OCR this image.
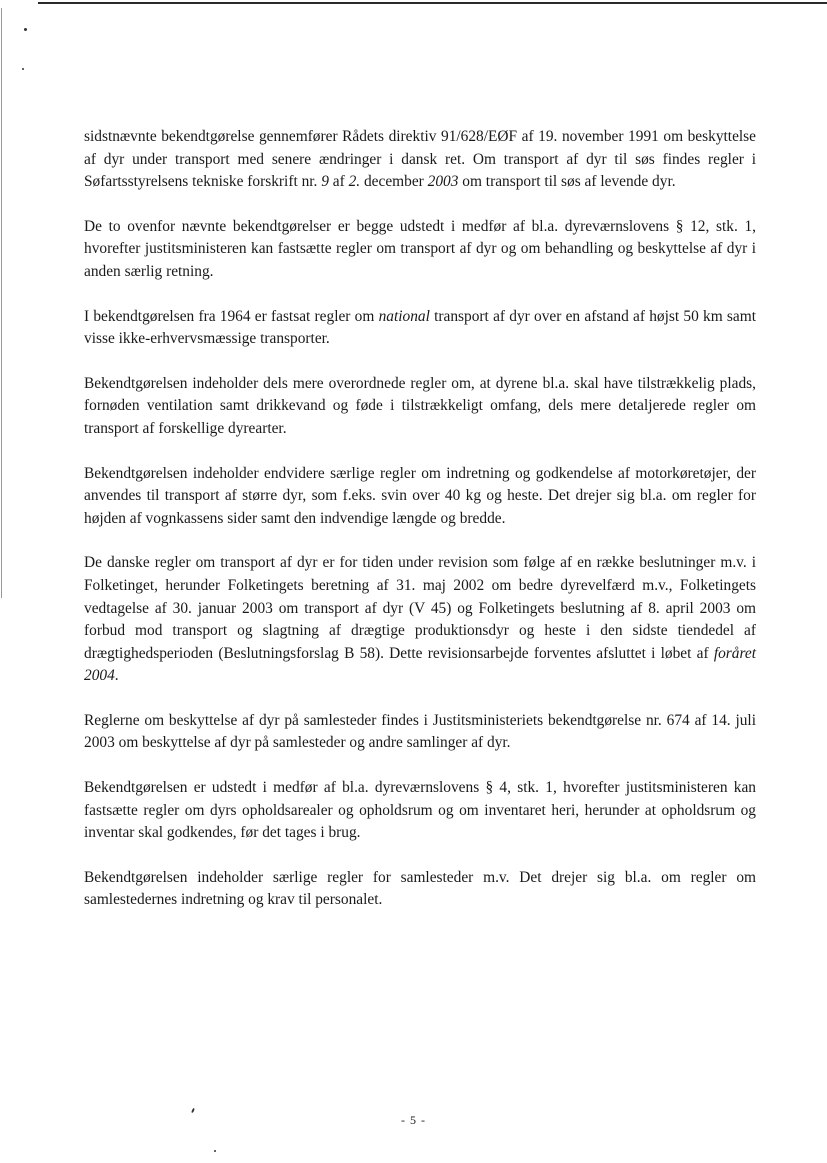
sidstnævnte bekendtgørelse gennemfører Rådets direktiv 91/628/EØF af 19. november 1991 om beskyttelse af dyr under transport med senere ændringer i dansk ret. Om transport af dyr til søs findes regler i Søfartsstyrelsens tekniske forskrift nr. 9 af 2. december 2003 om transport til søs af levende dyr.

De to ovenfor nævnte bekendtgørelser er begge udstedt i medfør af bl.a. dyreværnslovens § 12, stk. 1, hvorefter justitsministeren kan fastsætte regler om transport af dyr og om behandling og beskyttelse af dyr i anden særlig retning.

I bekendtgørelsen fra 1964 er fastsat regler om national transport af dyr over en afstand af højst 50 km samt visse ikke-erhvervsmæssige transporter.

Bekendtgørelsen indeholder dels mere overordnede regler om, at dyrene bl.a. skal have tilstrækkelig plads, fornøden ventilation samt drikkevand og føde i tilstrækkeligt omfang, dels mere detaljerede regler om transport af forskellige dyrearter.

Bekendtgørelsen indeholder endvidere særlige regler om indretning og godkendelse af motorkøretøjer, der anvendes til transport af større dyr, som f.eks. svin over 40 kg og heste. Det drejer sig bl.a. om regler for højden af vognkassens sider samt den indvendige længde og bredde.

De danske regler om transport af dyr er for tiden under revision som følge af en række beslutninger m.v. i Folketinget, herunder Folketingets beretning af 31. maj 2002 om bedre dyrevelfærd m.v., Folketingets vedtagelse af 30. januar 2003 om transport af dyr (V 45) og Folketingets beslutning af 8. april 2003 om forbud mod transport og slagtning af drægtige produktionsdyr og heste i den sidste tiendedel af drægtighedsperioden (Beslutningsforslag B 58). Dette revisionsarbejde forventes afsluttet i løbet af foråret 2004.

Reglerne om beskyttelse af dyr på samlesteder findes i Justitsministeriets bekendtgørelse nr. 674 af 14. juli 2003 om beskyttelse af dyr på samlesteder og andre samlinger af dyr.

Bekendtgørelsen er udstedt i medfør af bl.a. dyreværnslovens § 4, stk. 1, hvorefter justitsministeren kan fastsætte regler om dyrs opholdsarealer og opholdsrum og om inventaret heri, herunder at opholdsrum og inventar skal godkendes, før det tages i brug.

Bekendtgørelsen indeholder særlige regler for samlesteder m.v. Det drejer sig bl.a. om regler om samlestedernes indretning og krav til personalet.

- 5 -
